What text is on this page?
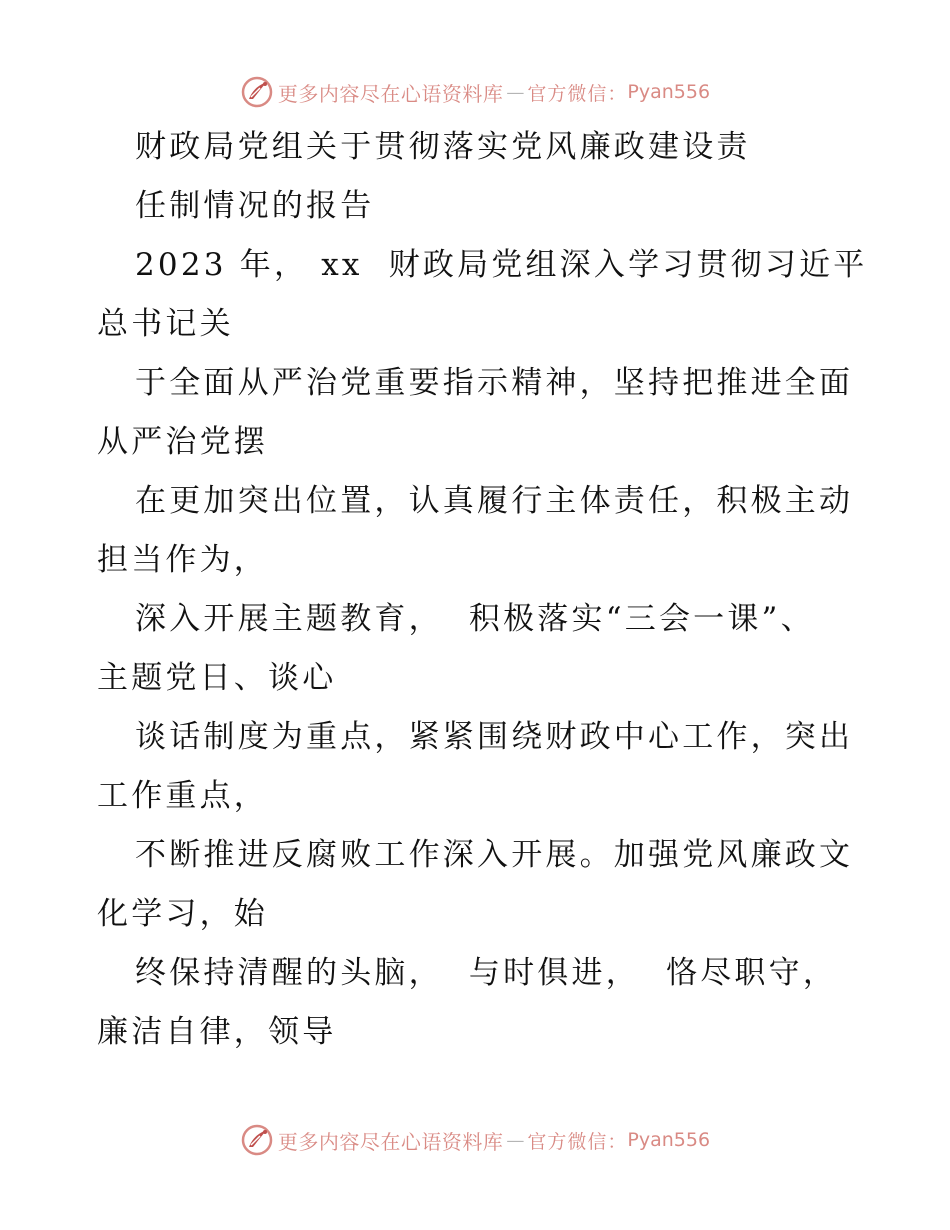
更多内容尽在心语资料库 — 官方微信： Pyan556
财政局党组关于贯彻落实党风廉政建设责
任制情况的报告
2023 年， xx  财政局党组深入学习贯彻习近平
总书记关
于全面从严治党重要指示精神，坚持把推进全面
从严治党摆
在更加突出位置，认真履行主体责任，积极主动
担当作为，
深入开展主题教育，  积极落实“三会一课”、
主题党日、谈心
谈话制度为重点，紧紧围绕财政中心工作，突出
工作重点，
不断推进反腐败工作深入开展。加强党风廉政文
化学习，始
终保持清醒的头脑，  与时俱进，  恪尽职守，
廉洁自律，领导
更多内容尽在心语资料库 — 官方微信： Pyan556
